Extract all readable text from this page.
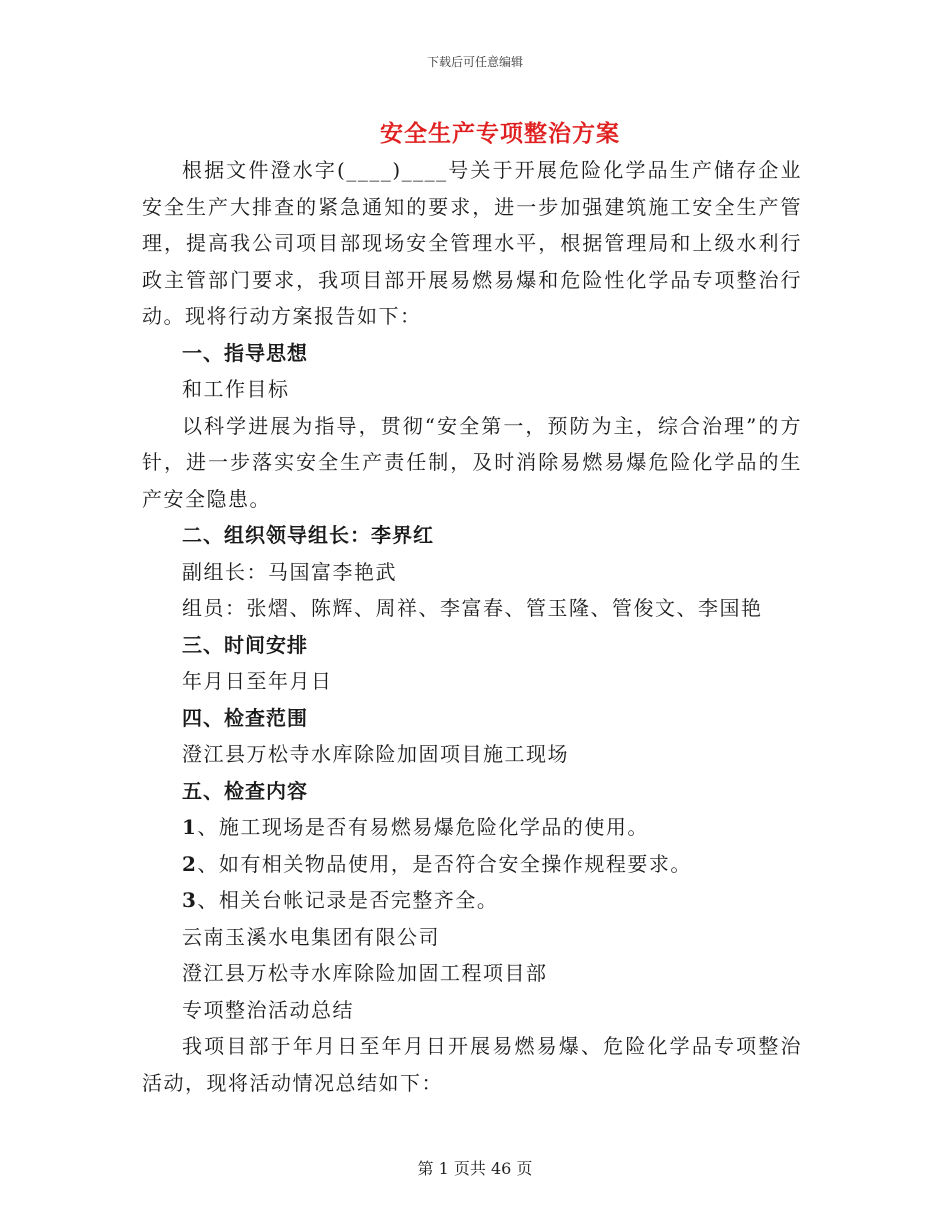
下载后可任意编辑
安全生产专项整治方案

根据文件澄水字(____)____号关于开展危险化学品生产储存企业安全生产大排查的紧急通知的要求，进一步加强建筑施工安全生产管理，提高我公司项目部现场安全管理水平，根据管理局和上级水利行政主管部门要求，我项目部开展易燃易爆和危险性化学品专项整治行动。现将行动方案报告如下：

一、指导思想

和工作目标

以科学进展为指导，贯彻“安全第一，预防为主，综合治理”的方针，进一步落实安全生产责任制，及时消除易燃易爆危险化学品的生产安全隐患。

二、组织领导组长：李界红

副组长：马国富李艳武

组员：张熠、陈辉、周祥、李富春、管玉隆、管俊文、李国艳

三、时间安排

年月日至年月日

四、检查范围

澄江县万松寺水库除险加固项目施工现场

五、检查内容

1、施工现场是否有易燃易爆危险化学品的使用。

2、如有相关物品使用，是否符合安全操作规程要求。

3、相关台帐记录是否完整齐全。

云南玉溪水电集团有限公司

澄江县万松寺水库除险加固工程项目部

专项整治活动总结

我项目部于年月日至年月日开展易燃易爆、危险化学品专项整治活动，现将活动情况总结如下：

第 1 页共 46 页
